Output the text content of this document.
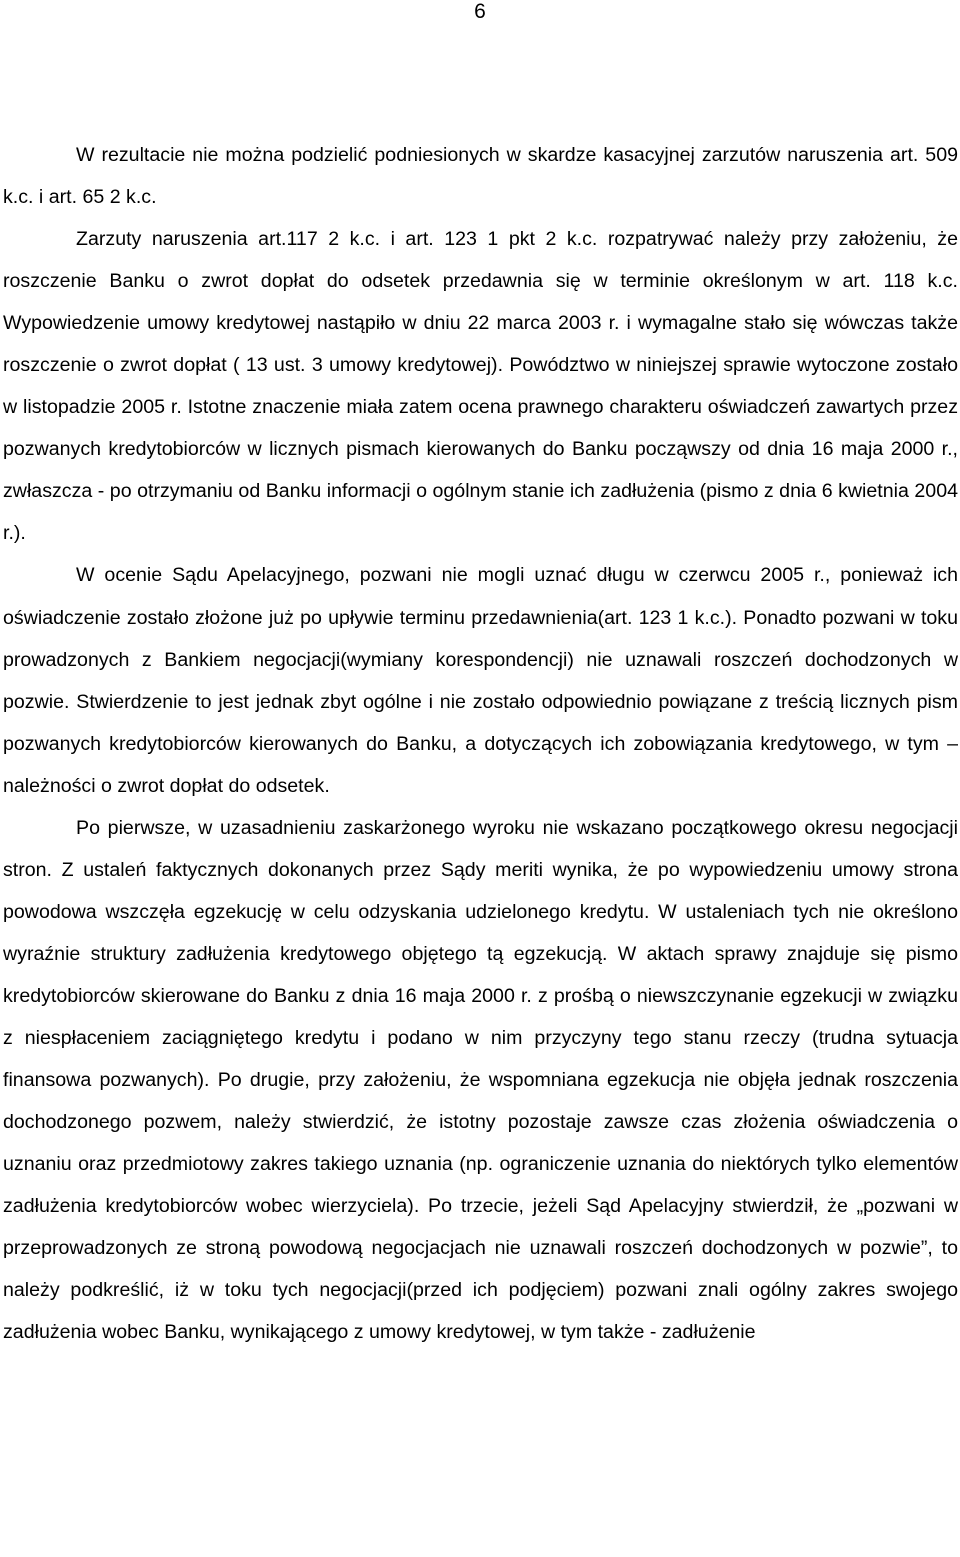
6

W rezultacie nie można podzielić podniesionych w skardze kasacyjnej zarzutów naruszenia art. 509 k.c. i art. 65 2 k.c.

Zarzuty naruszenia art.117 2 k.c. i art. 123 1 pkt 2 k.c. rozpatrywać należy przy założeniu, że roszczenie Banku o zwrot dopłat do odsetek przedawnia się w terminie określonym w art. 118 k.c. Wypowiedzenie umowy kredytowej nastąpiło w dniu 22 marca 2003 r. i wymagalne stało się wówczas także roszczenie o zwrot dopłat ( 13 ust. 3 umowy kredytowej). Powództwo w niniejszej sprawie wytoczone zostało w listopadzie 2005 r. Istotne znaczenie miała zatem ocena prawnego charakteru oświadczeń zawartych przez pozwanych kredytobiorców w licznych pismach kierowanych do Banku począwszy od dnia 16 maja 2000 r., zwłaszcza - po otrzymaniu od Banku informacji o ogólnym stanie ich zadłużenia (pismo z dnia 6 kwietnia 2004 r.).

W ocenie Sądu Apelacyjnego, pozwani nie mogli uznać długu w czerwcu 2005 r., ponieważ ich oświadczenie zostało złożone już po upływie terminu przedawnienia(art. 123 1 k.c.). Ponadto pozwani w toku prowadzonych z Bankiem negocjacji(wymiany korespondencji) nie uznawali roszczeń dochodzonych w pozwie. Stwierdzenie to jest jednak zbyt ogólne i nie zostało odpowiednio powiązane z treścią licznych pism pozwanych kredytobiorców kierowanych do Banku, a dotyczących ich zobowiązania kredytowego, w tym – należności o zwrot dopłat do odsetek.

Po pierwsze, w uzasadnieniu zaskarżonego wyroku nie wskazano początkowego okresu negocjacji stron. Z ustaleń faktycznych dokonanych przez Sądy meriti wynika, że po wypowiedzeniu umowy strona powodowa wszczęła egzekucję w celu odzyskania udzielonego kredytu. W ustaleniach tych nie określono wyraźnie struktury zadłużenia kredytowego objętego tą egzekucją. W aktach sprawy znajduje się pismo kredytobiorców skierowane do Banku z dnia 16 maja 2000 r. z prośbą o niewszczynanie egzekucji w związku z niespłaceniem zaciągniętego kredytu i podano w nim przyczyny tego stanu rzeczy (trudna sytuacja finansowa pozwanych). Po drugie, przy założeniu, że wspomniana egzekucja nie objęła jednak roszczenia dochodzonego pozwem, należy stwierdzić, że istotny pozostaje zawsze czas złożenia oświadczenia o uznaniu oraz przedmiotowy zakres takiego uznania (np. ograniczenie uznania do niektórych tylko elementów zadłużenia kredytobiorców wobec wierzyciela). Po trzecie, jeżeli Sąd Apelacyjny stwierdził, że „pozwani w przeprowadzonych ze stroną powodową negocjacjach nie uznawali roszczeń dochodzonych w pozwie”, to należy podkreślić, iż w toku tych negocjacji(przed ich podjęciem) pozwani znali ogólny zakres swojego zadłużenia wobec Banku, wynikającego z umowy kredytowej, w tym także - zadłużenie
